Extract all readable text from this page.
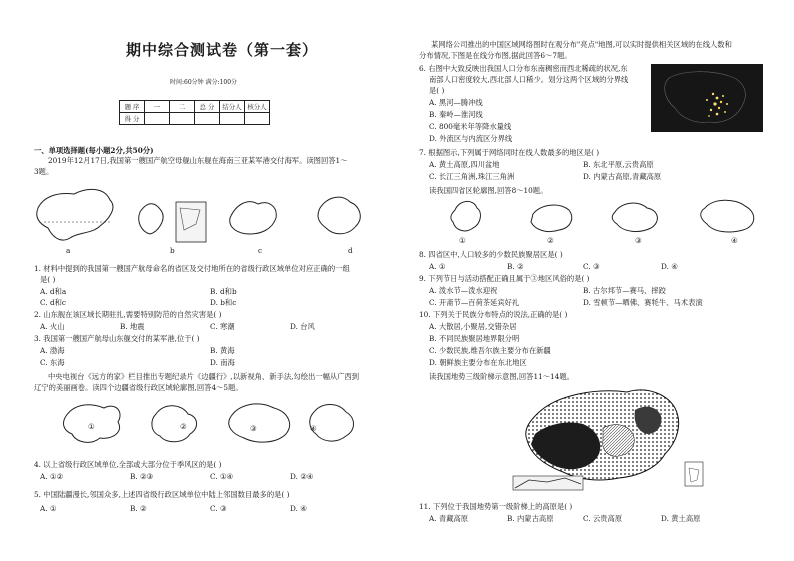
期中综合测试卷（第一套）
时间:60分钟 满分:100分
题 序	一	二	总 分	结分人	核分人
得 分					
一、单项选择题(每小题2分,共50分)
2019年12月17日,我国第一艘国产航空母舰山东舰在海南三亚某军港交付海军。读图回答1～
3题。
a	b	c	d
1. 材料中提到的我国第一艘国产航母命名的省区及交付地所在的省级行政区域单位对应正确的一组
是( )
A. d和a	B. d和b
C. d和c	D. b和c
2. 山东舰在该区域长期驻扎,需要特别防范的自然灾害是( )
A. 火山	B. 地震	C. 寒潮	D. 台风
3. 我国第一艘国产航母山东舰交付的某军港,位于( )
A. 渤海	B. 黄海
C. 东海	D. 南海
中央电视台《远方的家》栏目推出专题纪录片《边疆行》,以新视角、新手法,勾绘出一幅从广西到
辽宁的美丽画卷。读四个边疆省级行政区域轮廓图,回答4～5题。
①	②	③	④
4. 以上省级行政区域单位,全部或大部分位于季风区的是( )
A. ①②	B. ②③	C. ①④	D. ②④
5. 中国陆疆漫长,邻国众多,上述四省级行政区域单位中陆上邻国数目最多的是( )
A. ①	B. ②	C. ③	D. ④
某网络公司推出的中国区域网络图时在观分布"亮点"地图,可以实时提供相关区域的在线人数和
分布情况,下图是在线分布图,据此回答6～7题。
6. 右图中大致反映出我国人口分布东南稠密而西北稀疏的状况,东
南部人口密度较大,西北部人口稀少。划分这两个区域的分界线
是( )
A. 黑河—腾冲线
B. 秦岭—淮河线
C. 800毫米年等降水量线
D. 外流区与内流区分界线
7. 根据图示,下列属于网络同时在线人数最多的地区是( )
A. 黄土高原,四川盆地	B. 东北平原,云贵高原
C. 长江三角洲,珠江三角洲	D. 内蒙古高原,青藏高原
读我国四省区轮廓图,回答8～10题。
①	②	③	④
8. 四省区中,人口较多的少数民族聚居区是( )
A. ①	B. ②	C. ③	D. ④
9. 下列节日与活动搭配正确且属于③地区风俗的是( )
A. 泼水节—泼水迎祝	B. 古尔邦节—赛马、摔跤
C. 开斋节—百荷茶延宾好礼	D. 雪顿节—晒佛、赛牦牛、马术表演
10. 下列关于民族分布特点的说法,正确的是( )
A. 大散居,小聚居,交错杂居
B. 不同民族聚居地界限分明
C. 少数民族,维吾尔族主要分布在新疆
D. 朝鲜族主要分布在东北地区
读我国地势三级阶梯示意图,回答11～14题。
11. 下列位于我国地势第一级阶梯上的高原是( )
A. 青藏高原	B. 内蒙古高原	C. 云贵高原	D. 黄土高原
